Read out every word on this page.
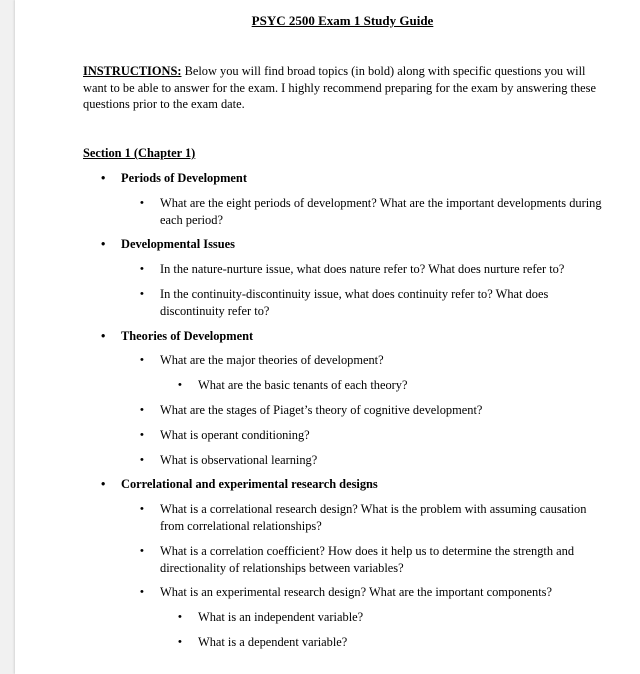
PSYC 2500 Exam 1 Study Guide
INSTRUCTIONS: Below you will find broad topics (in bold) along with specific questions you will want to be able to answer for the exam. I highly recommend preparing for the exam by answering these questions prior to the exam date.
Section 1 (Chapter 1)
• Periods of Development
• What are the eight periods of development? What are the important developments during each period?
• Developmental Issues
• In the nature-nurture issue, what does nature refer to? What does nurture refer to?
• In the continuity-discontinuity issue, what does continuity refer to? What does discontinuity refer to?
• Theories of Development
• What are the major theories of development?
• What are the basic tenants of each theory?
• What are the stages of Piaget’s theory of cognitive development?
• What is operant conditioning?
• What is observational learning?
• Correlational and experimental research designs
• What is a correlational research design? What is the problem with assuming causation from correlational relationships?
• What is a correlation coefficient? How does it help us to determine the strength and directionality of relationships between variables?
• What is an experimental research design? What are the important components?
• What is an independent variable?
• What is a dependent variable?
